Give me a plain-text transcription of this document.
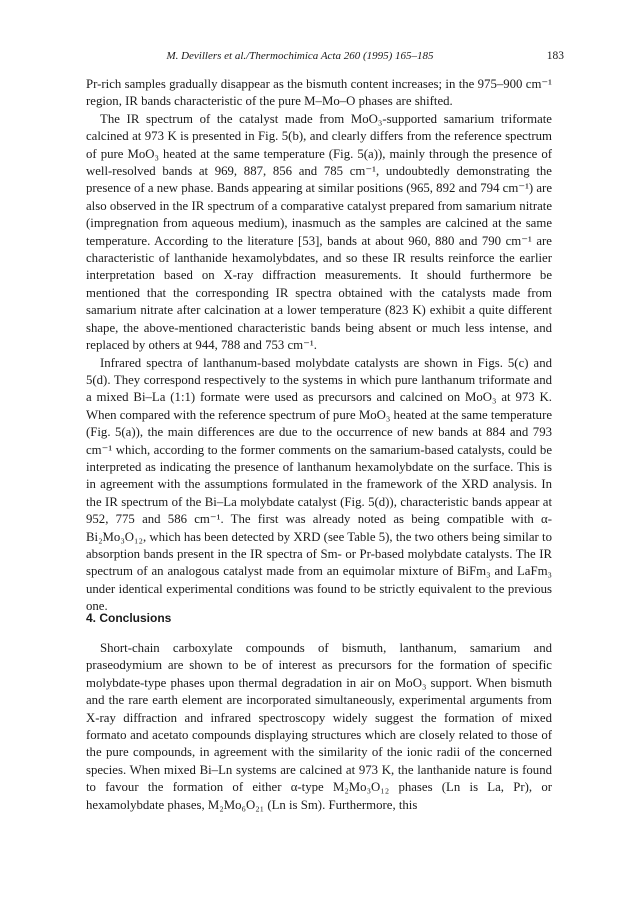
M. Devillers et al./Thermochimica Acta 260 (1995) 165–185	183

Pr-rich samples gradually disappear as the bismuth content increases; in the 975–900 cm⁻¹ region, IR bands characteristic of the pure M–Mo–O phases are shifted.

The IR spectrum of the catalyst made from MoO₃-supported samarium triformate calcined at 973 K is presented in Fig. 5(b), and clearly differs from the reference spectrum of pure MoO₃ heated at the same temperature (Fig. 5(a)), mainly through the presence of well-resolved bands at 969, 887, 856 and 785 cm⁻¹, undoubtedly demonstrating the presence of a new phase. Bands appearing at similar positions (965, 892 and 794 cm⁻¹) are also observed in the IR spectrum of a comparative catalyst prepared from samarium nitrate (impregnation from aqueous medium), inasmuch as the samples are calcined at the same temperature. According to the literature [53], bands at about 960, 880 and 790 cm⁻¹ are characteristic of lanthanide hexamolybdates, and so these IR results reinforce the earlier interpretation based on X-ray diffraction measurements. It should furthermore be mentioned that the corresponding IR spectra obtained with the catalysts made from samarium nitrate after calcination at a lower temperature (823 K) exhibit a quite different shape, the above-mentioned characteristic bands being absent or much less intense, and replaced by others at 944, 788 and 753 cm⁻¹.

Infrared spectra of lanthanum-based molybdate catalysts are shown in Figs. 5(c) and 5(d). They correspond respectively to the systems in which pure lanthanum triformate and a mixed Bi–La (1:1) formate were used as precursors and calcined on MoO₃ at 973 K. When compared with the reference spectrum of pure MoO₃ heated at the same temperature (Fig. 5(a)), the main differences are due to the occurrence of new bands at 884 and 793 cm⁻¹ which, according to the former comments on the samarium-based catalysts, could be interpreted as indicating the presence of lanthanum hexamolybdate on the surface. This is in agreement with the assumptions formulated in the framework of the XRD analysis. In the IR spectrum of the Bi–La molybdate catalyst (Fig. 5(d)), characteristic bands appear at 952, 775 and 586 cm⁻¹. The first was already noted as being compatible with α-Bi₂Mo₃O₁₂, which has been detected by XRD (see Table 5), the two others being similar to absorption bands present in the IR spectra of Sm- or Pr-based molybdate catalysts. The IR spectrum of an analogous catalyst made from an equimolar mixture of BiFm₃ and LaFm₃ under identical experimental conditions was found to be strictly equivalent to the previous one.

4. Conclusions

Short-chain carboxylate compounds of bismuth, lanthanum, samarium and praseodymium are shown to be of interest as precursors for the formation of specific molybdate-type phases upon thermal degradation in air on MoO₃ support. When bismuth and the rare earth element are incorporated simultaneously, experimental arguments from X-ray diffraction and infrared spectroscopy widely suggest the formation of mixed formato and acetato compounds displaying structures which are closely related to those of the pure compounds, in agreement with the similarity of the ionic radii of the concerned species. When mixed Bi–Ln systems are calcined at 973 K, the lanthanide nature is found to favour the formation of either α-type M₂Mo₃O₁₂ phases (Ln is La, Pr), or hexamolybdate phases, M₂Mo₆O₂₁ (Ln is Sm). Furthermore, this
